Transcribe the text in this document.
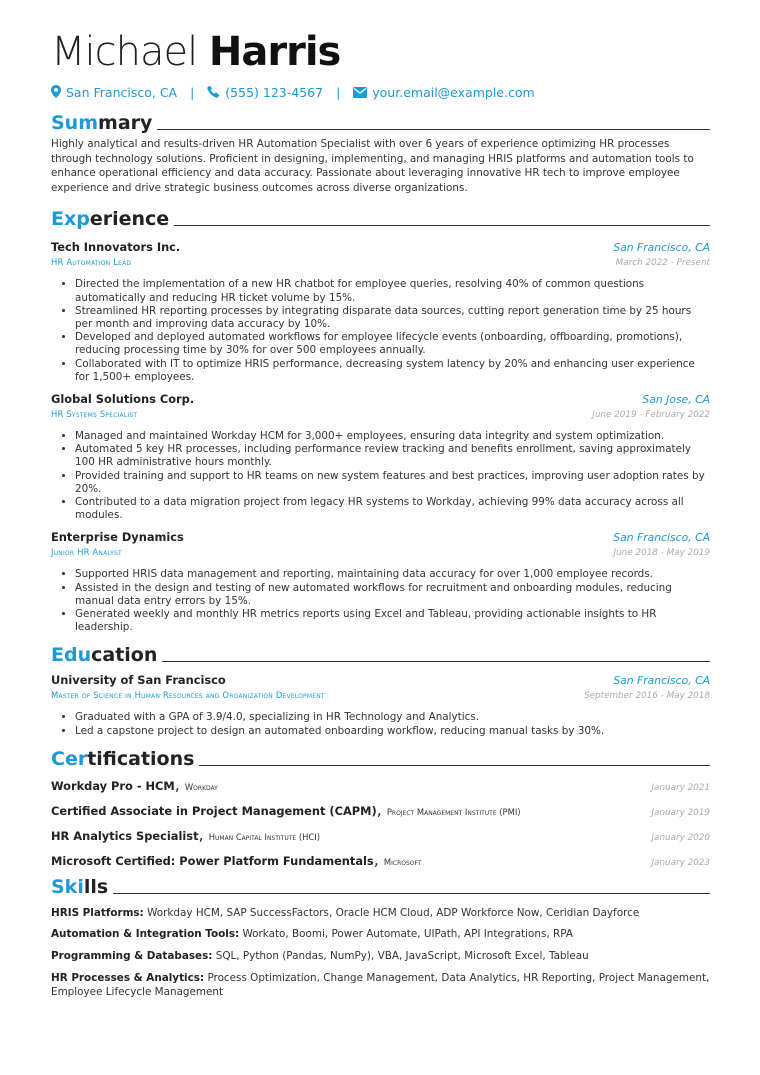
Michael Harris
San Francisco, CA | (555) 123-4567 |	your.email@example.com
Summary

Highly analytical and results-driven HR Automation Specialist with over 6 years of experience optimizing HR processes through technology solutions. Proficient in designing, implementing, and managing HRIS platforms and automation tools to enhance operational efficiency and data accuracy. Passionate about leveraging innovative HR tech to improve employee experience and drive strategic business outcomes across diverse organizations.

Experience
Tech Innovators Inc.	San Francisco, CA
HR Automation Lead	March 2022 - Present
• Directed the implementation of a new HR chatbot for employee queries, resolving 40% of common questions automatically and reducing HR ticket volume by 15%.
• Streamlined HR reporting processes by integrating disparate data sources, cutting report generation time by 25 hours per month and improving data accuracy by 10%.
• Developed and deployed automated workflows for employee lifecycle events (onboarding, offboarding, promotions), reducing processing time by 30% for over 500 employees annually.
• Collaborated with IT to optimize HRIS performance, decreasing system latency by 20% and enhancing user experience for 1,500+ employees.
Global Solutions Corp.	San Jose, CA
HR Systems Specialist	June 2019 - February 2022
• Managed and maintained Workday HCM for 3,000+ employees, ensuring data integrity and system optimization.
• Automated 5 key HR processes, including performance review tracking and benefits enrollment, saving approximately 100 HR administrative hours monthly.
• Provided training and support to HR teams on new system features and best practices, improving user adoption rates by 20%.
• Contributed to a data migration project from legacy HR systems to Workday, achieving 99% data accuracy across all modules.
Enterprise Dynamics	San Francisco, CA
Junior HR Analyst	June 2018 - May 2019
• Supported HRIS data management and reporting, maintaining data accuracy for over 1,000 employee records.
• Assisted in the design and testing of new automated workflows for recruitment and onboarding modules, reducing manual data entry errors by 15%.
• Generated weekly and monthly HR metrics reports using Excel and Tableau, providing actionable insights to HR leadership.
Education
University of San Francisco	San Francisco, CA
Master of Science in Human Resources and Organization Development	September 2016 - May 2018
• Graduated with a GPA of 3.9/4.0, specializing in HR Technology and Analytics.
• Led a capstone project to design an automated onboarding workflow, reducing manual tasks by 30%.
Certifications
Workday Pro - HCM, Workday	January 2021
Certified Associate in Project Management (CAPM), Project Management Institute (PMI)	January 2019
HR Analytics Specialist, Human Capital Institute (HCI)	January 2020
Microsoft Certified: Power Platform Fundamentals, Microsoft	January 2023
Skills
HRIS Platforms: Workday HCM, SAP SuccessFactors, Oracle HCM Cloud, ADP Workforce Now, Ceridian Dayforce
Automation & Integration Tools: Workato, Boomi, Power Automate, UIPath, API Integrations, RPA
Programming & Databases: SQL, Python (Pandas, NumPy), VBA, JavaScript, Microsoft Excel, Tableau
HR Processes & Analytics: Process Optimization, Change Management, Data Analytics, HR Reporting, Project Management, Employee Lifecycle Management
